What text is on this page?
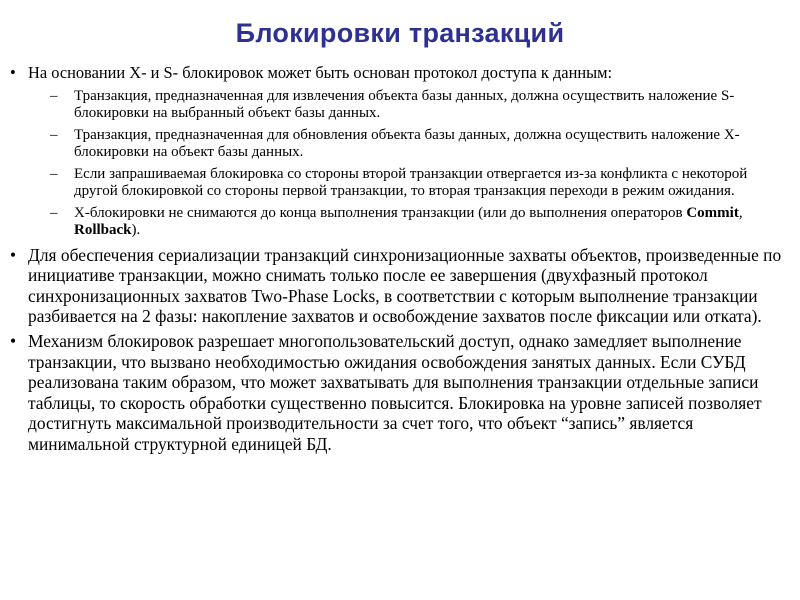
Блокировки транзакций
• На основании X- и S- блокировок может быть основан протокол доступа к данным:
– Транзакция, предназначенная для извлечения объекта базы данных, должна осуществить наложение S- блокировки на выбранный объект базы данных.
– Транзакция, предназначенная для обновления объекта базы данных, должна осуществить наложение X-блокировки на объект базы данных.
– Если запрашиваемая блокировка со стороны второй транзакции отвергается из-за конфликта с некоторой другой блокировкой со стороны первой транзакции, то вторая транзакция переходи в режим ожидания.
– X-блокировки не снимаются до конца выполнения транзакции (или до выполнения операторов Commit, Rollback).
• Для обеспечения сериализации транзакций синхронизационные захваты объектов, произведенные по инициативе транзакции, можно снимать только после ее завершения (двухфазный протокол синхронизационных захватов Two-Phase Locks, в соответствии с которым выполнение транзакции разбивается на 2 фазы: накопление захватов и освобождение захватов после фиксации или отката).
• Механизм блокировок разрешает многопользовательский доступ, однако замедляет выполнение транзакции, что вызвано необходимостью ожидания освобождения занятых данных. Если СУБД реализована таким образом, что может захватывать для выполнения транзакции отдельные записи таблицы, то скорость обработки существенно повысится. Блокировка на уровне записей позволяет достигнуть максимальной производительности за счет того, что объект “запись” является минимальной структурной единицей БД.
